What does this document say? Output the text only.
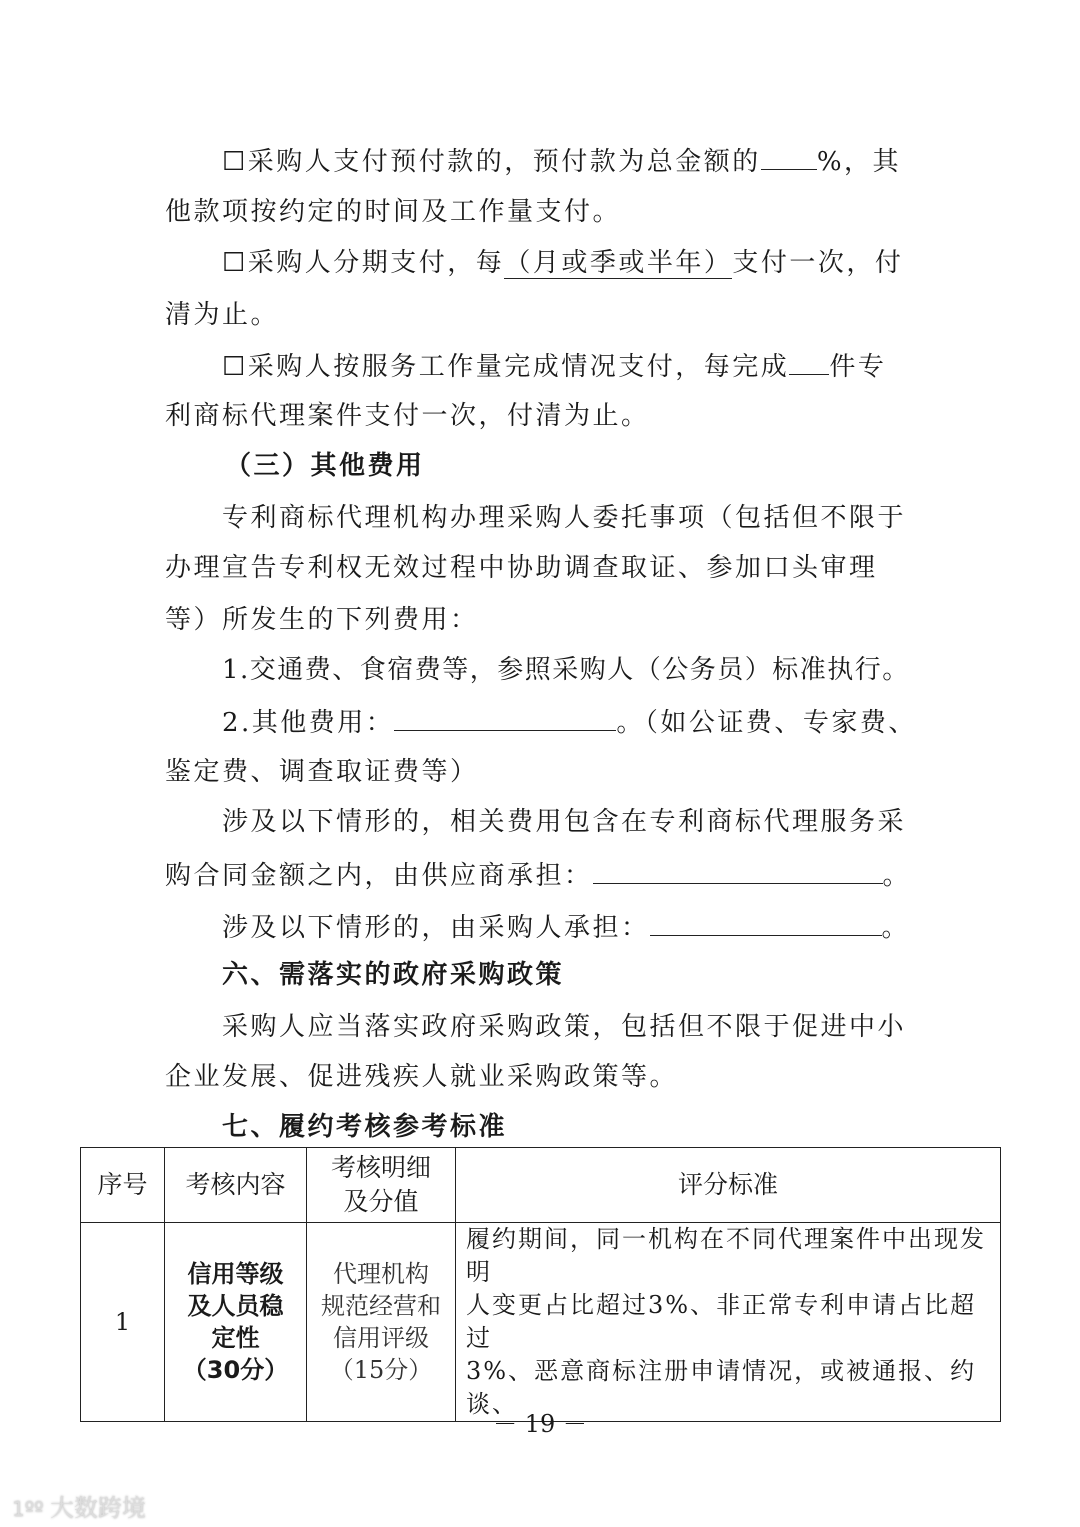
☐采购人支付预付款的，预付款为总金额的 %，其
他款项按约定的时间及工作量支付。
☐采购人分期支付，每（月或季或半年）支付一次，付
清为止。
☐采购人按服务工作量完成情况支付，每完成 件专
利商标代理案件支付一次，付清为止。
（三）其他费用
专利商标代理机构办理采购人委托事项（包括但不限于
办理宣告专利权无效过程中协助调查取证、参加口头审理
等）所发生的下列费用：
1.交通费、食宿费等，参照采购人（公务员）标准执行。
2.其他费用：	。（如公证费、专家费、
鉴定费、调查取证费等）
涉及以下情形的，相关费用包含在专利商标代理服务采
购合同金额之内，由供应商承担：	。
涉及以下情形的，由采购人承担：	。
六、需落实的政府采购政策
采购人应当落实政府采购政策，包括但不限于促进中小
企业发展、促进残疾人就业采购政策等。
七、履约考核参考标准
序号	考核内容	考核明细
及分值	评分标准
1	信用等级
及人员稳
定性
（30分）	代理机构
规范经营和
信用评级
（15分）	履约期间，同一机构在不同代理案件中出现发明
人变更占比超过3%、非正常专利申请占比超过
3%、恶意商标注册申请情况，或被通报、约谈、
－ 19 －
1ºº 大数跨境
